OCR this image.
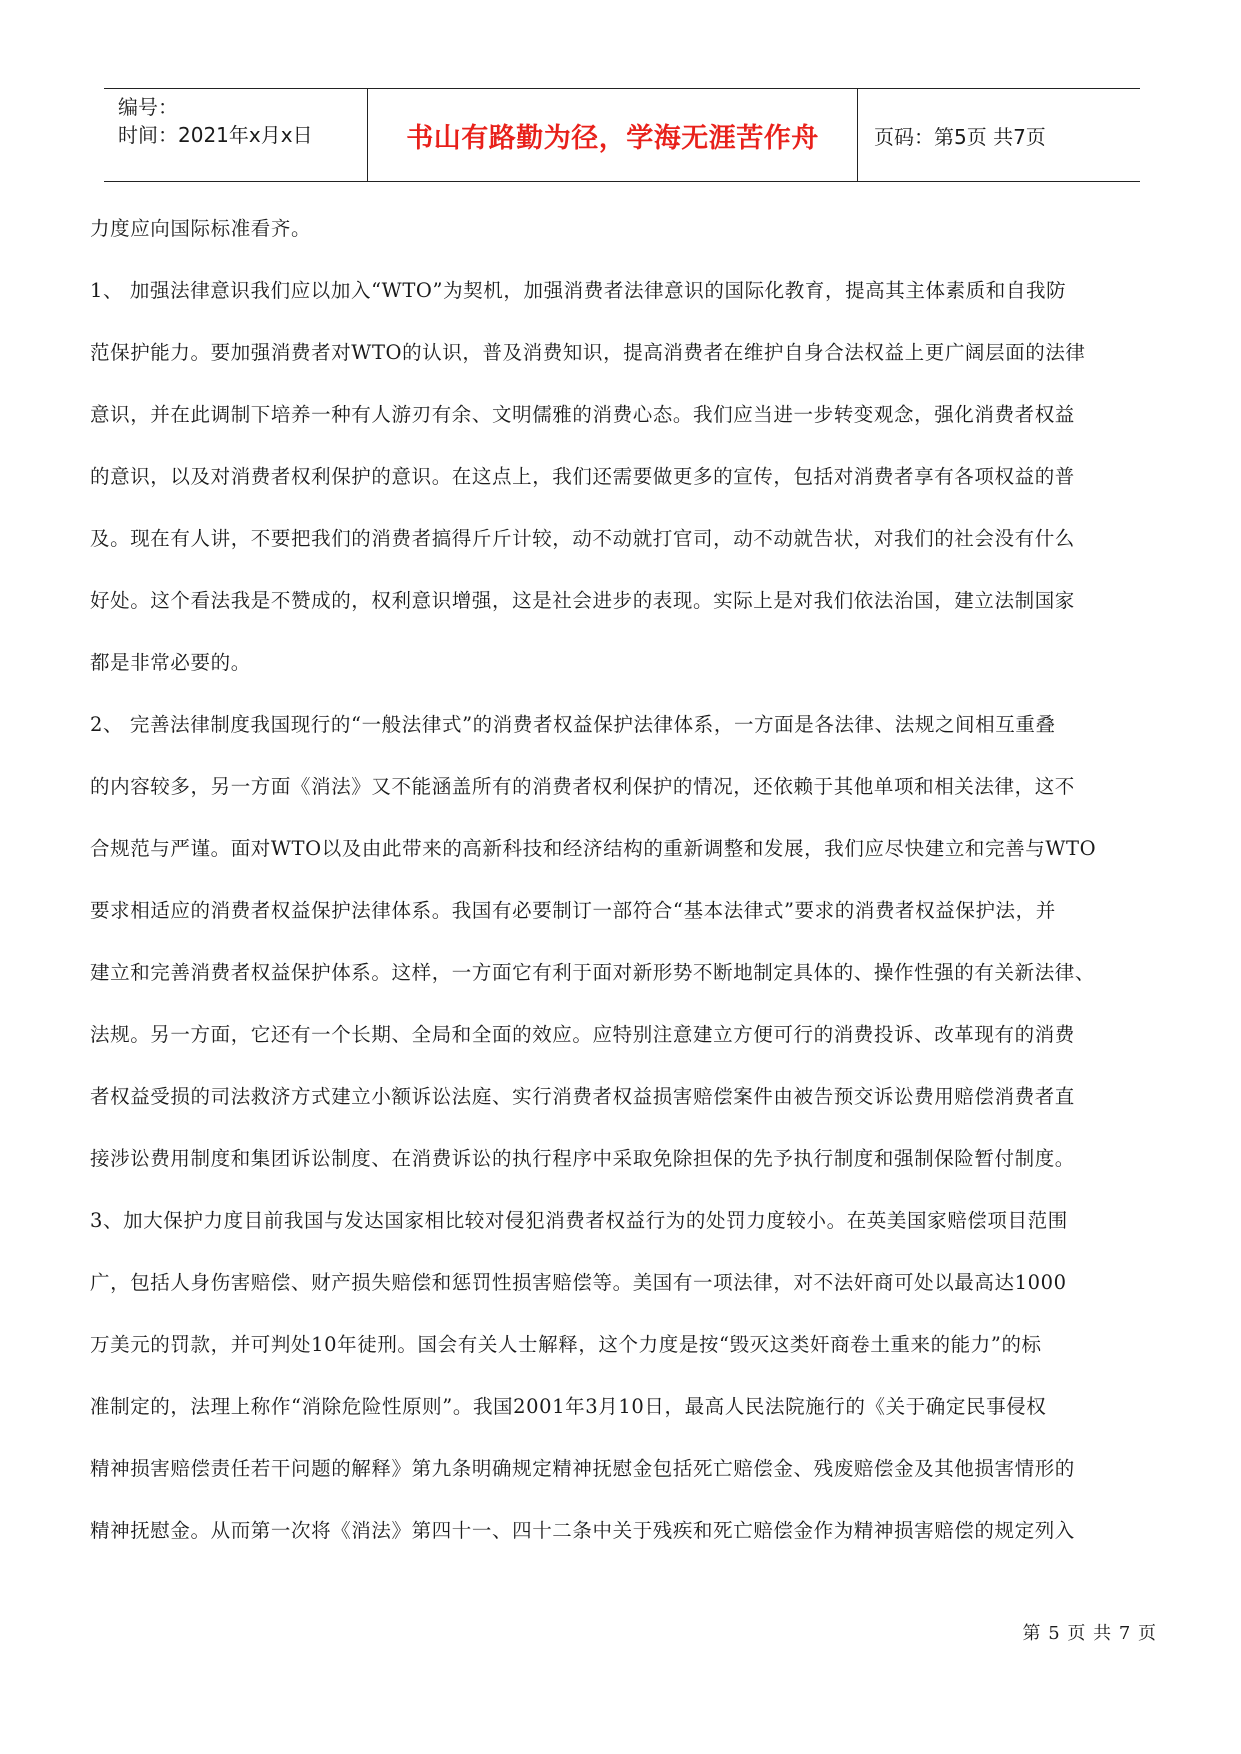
编号：
时间：2021年x月x日	书山有路勤为径，学海无涯苦作舟	页码：第5页 共7页
力度应向国际标准看齐。
1、 加强法律意识我们应以加入“WTO”为契机，加强消费者法律意识的国际化教育，提高其主体素质和自我防
范保护能力。要加强消费者对WTO的认识，普及消费知识，提高消费者在维护自身合法权益上更广阔层面的法律
意识，并在此调制下培养一种有人游刃有余、文明儒雅的消费心态。我们应当进一步转变观念，强化消费者权益
的意识，以及对消费者权利保护的意识。在这点上，我们还需要做更多的宣传，包括对消费者享有各项权益的普
及。现在有人讲，不要把我们的消费者搞得斤斤计较，动不动就打官司，动不动就告状，对我们的社会没有什么
好处。这个看法我是不赞成的，权利意识增强，这是社会进步的表现。实际上是对我们依法治国，建立法制国家
都是非常必要的。
2、 完善法律制度我国现行的“一般法律式”的消费者权益保护法律体系，一方面是各法律、法规之间相互重叠
的内容较多，另一方面《消法》又不能涵盖所有的消费者权利保护的情况，还依赖于其他单项和相关法律，这不
合规范与严谨。面对WTO以及由此带来的高新科技和经济结构的重新调整和发展，我们应尽快建立和完善与WTO
要求相适应的消费者权益保护法律体系。我国有必要制订一部符合“基本法律式”要求的消费者权益保护法，并
建立和完善消费者权益保护体系。这样，一方面它有利于面对新形势不断地制定具体的、操作性强的有关新法律、
法规。另一方面，它还有一个长期、全局和全面的效应。应特别注意建立方便可行的消费投诉、改革现有的消费
者权益受损的司法救济方式建立小额诉讼法庭、实行消费者权益损害赔偿案件由被告预交诉讼费用赔偿消费者直
接涉讼费用制度和集团诉讼制度、在消费诉讼的执行程序中采取免除担保的先予执行制度和强制保险暂付制度。
3、加大保护力度目前我国与发达国家相比较对侵犯消费者权益行为的处罚力度较小。在英美国家赔偿项目范围
广，包括人身伤害赔偿、财产损失赔偿和惩罚性损害赔偿等。美国有一项法律，对不法奸商可处以最高达1000
万美元的罚款，并可判处10年徒刑。国会有关人士解释，这个力度是按“毁灭这类奸商卷土重来的能力”的标
准制定的，法理上称作“消除危险性原则”。我国2001年3月10日，最高人民法院施行的《关于确定民事侵权
精神损害赔偿责任若干问题的解释》第九条明确规定精神抚慰金包括死亡赔偿金、残废赔偿金及其他损害情形的
精神抚慰金。从而第一次将《消法》第四十一、四十二条中关于残疾和死亡赔偿金作为精神损害赔偿的规定列入
第 5 页 共 7 页
